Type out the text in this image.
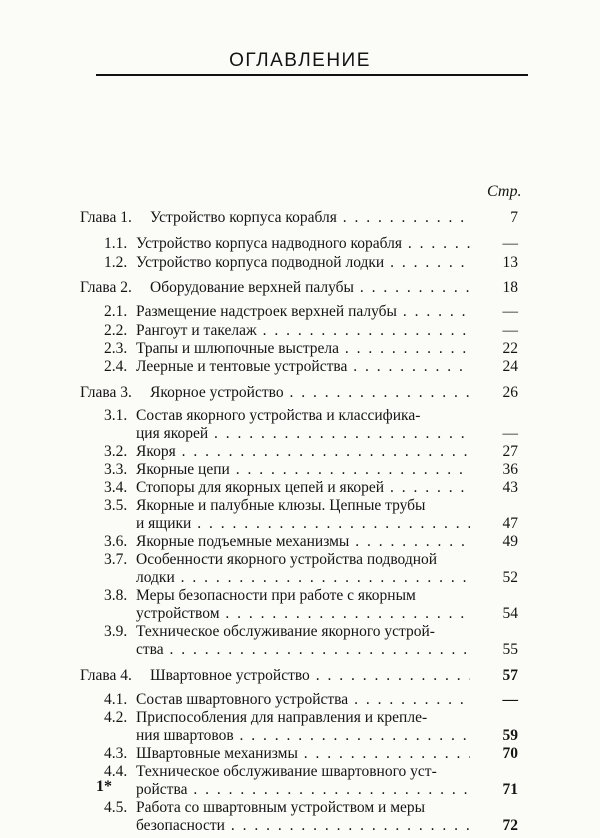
ОГЛАВЛЕНИЕ
Стр.
Глава 1. Устройство корпуса корабля . . .	7
1.1. Устройство корпуса надводного корабля . . .	—
1.2. Устройство корпуса подводной лодки . . .	13
Глава 2. Оборудование верхней палубы . . .	18
2.1. Размещение надстроек верхней палубы . . .	—
2.2. Рангоут и такелаж . . .	—
2.3. Трапы и шлюпочные выстрела . . .	22
2.4. Леерные и тентовые устройства . . .	24
Глава 3. Якорное устройство . . .	26
3.1. Состав якорного устройства и классифика-
ция якорей . . .	—
3.2. Якоря . . .	27
3.3. Якорные цепи . . .	36
3.4. Стопоры для якорных цепей и якорей . . .	43
3.5. Якорные и палубные клюзы. Цепные трубы
и ящики . . .	47
3.6. Якорные подъемные механизмы . . .	49
3.7. Особенности якорного устройства подводной
лодки . . .	52
3.8. Меры безопасности при работе с якорным
устройством . . .	54
3.9. Техническое обслуживание якорного устрой-
ства . . .	55
Глава 4. Швартовное устройство . . .	57
4.1. Состав швартовного устройства . . .	—
4.2. Приспособления для направления и крепле-
ния швартовов . . .	59
4.3. Швартовные механизмы . . .	70
4.4. Техническое обслуживание швартовного уст-
ройства . . .	71
4.5. Работа со швартовным устройством и меры
безопасности . . .	72
1*
